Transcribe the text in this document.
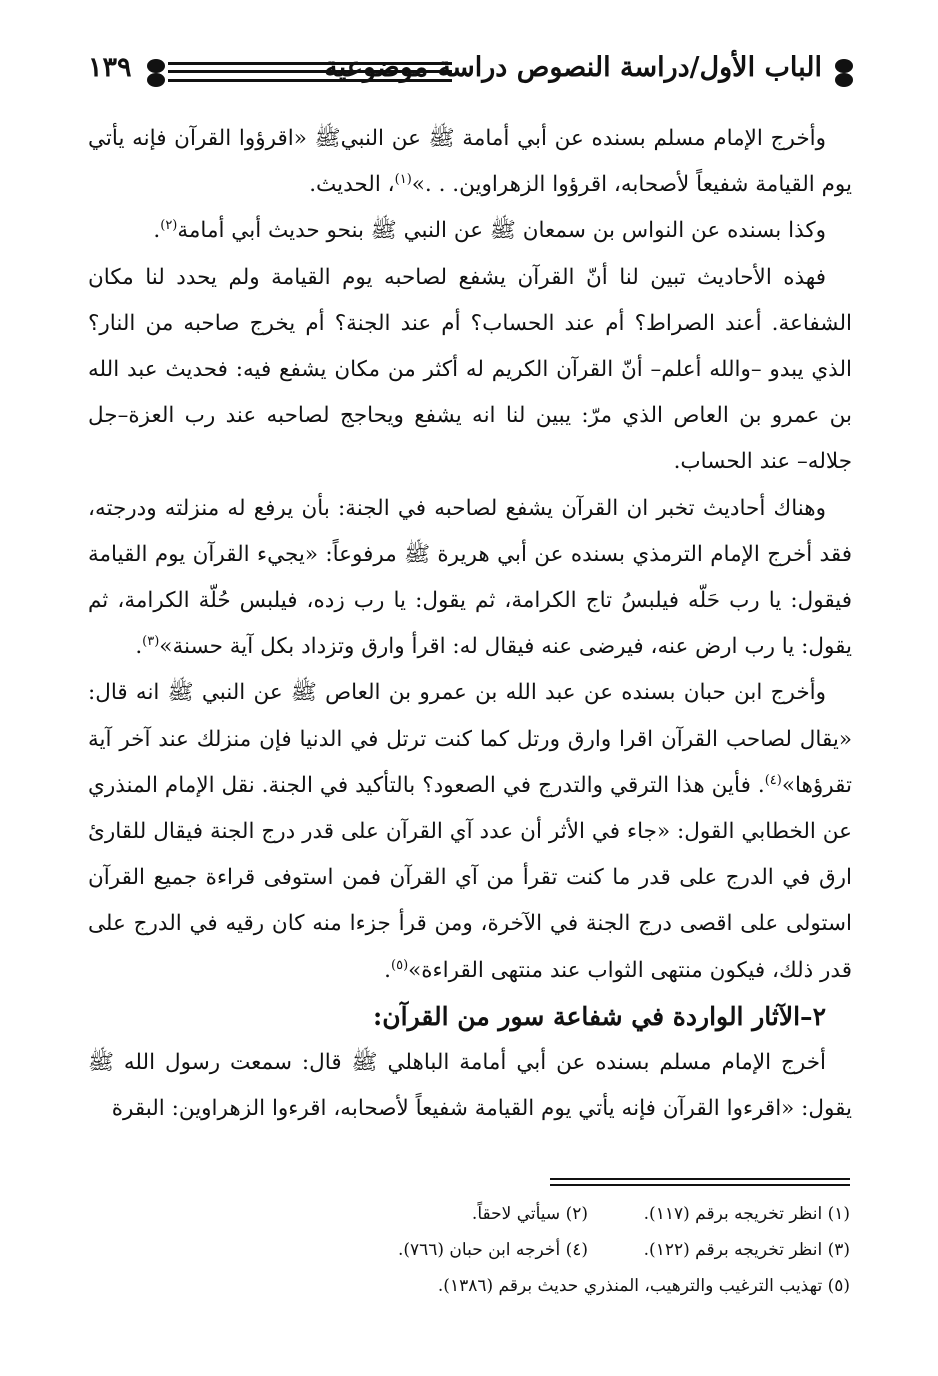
الباب الأول/دراسة النصوص دراسة موضوعية
١٣٩

وأخرج الإمام مسلم بسنده عن أبي أمامة ﷺ عن النبيﷺ «اقرؤوا القرآن فإنه يأتي يوم القيامة شفيعاً لأصحابه، اقرؤوا الزهراوين. . .»$^{(١)}$، الحديث.

وكذا بسنده عن النواس بن سمعان ﷺ عن النبي ﷺ بنحو حديث أبي أمامة$^{(٢)}$.

فهذه الأحاديث تبين لنا أنّ القرآن يشفع لصاحبه يوم القيامة ولم يحدد لنا مكان الشفاعة. أعند الصراط؟ أم عند الحساب؟ أم عند الجنة؟ أم يخرج صاحبه من النار؟ الذي يبدو –والله أعلم– أنّ القرآن الكريم له أكثر من مكان يشفع فيه: فحديث عبد الله بن عمرو بن العاص الذي مرّ: يبين لنا انه يشفع ويحاجج لصاحبه عند رب العزة–جل جلاله– عند الحساب.

وهناك أحاديث تخبر ان القرآن يشفع لصاحبه في الجنة: بأن يرفع له منزلته ودرجته، فقد أخرج الإمام الترمذي بسنده عن أبي هريرة ﷺ مرفوعاً: «يجيء القرآن يوم القيامة فيقول: يا رب حَلّه فيلبسُ تاج الكرامة، ثم يقول: يا رب زده، فيلبس حُلّة الكرامة، ثم يقول: يا رب ارض عنه، فيرضى عنه فيقال له: اقرأ وارق وتزداد بكل آية حسنة»$^{(٣)}$.

وأخرج ابن حبان بسنده عن عبد الله بن عمرو بن العاص ﷺ عن النبي ﷺ انه قال: «يقال لصاحب القرآن اقرا وارق ورتل كما كنت ترتل في الدنيا فإن منزلك عند آخر آية تقرؤها»$^{(٤)}$. فأين هذا الترقي والتدرج في الصعود؟ بالتأكيد في الجنة. نقل الإمام المنذري عن الخطابي القول: «جاء في الأثر أن عدد آي القرآن على قدر درج الجنة فيقال للقارئ ارق في الدرج على قدر ما كنت تقرأ من آي القرآن فمن استوفى قراءة جميع القرآن استولى على اقصى درج الجنة في الآخرة، ومن قرأ جزءا منه كان رقيه في الدرج على قدر ذلك، فيكون منتهى الثواب عند منتهى القراءة»$^{(٥)}$.

٢–الآثار الواردة في شفاعة سور من القرآن:

أخرج الإمام مسلم بسنده عن أبي أمامة الباهلي ﷺ قال: سمعت رسول الله ﷺ يقول: «اقرءوا القرآن فإنه يأتي يوم القيامة شفيعاً لأصحابه، اقرءوا الزهراوين: البقرة

(١) انظر تخريجه برقم (١١٧).
(٢) سيأتي لاحقاً.
(٣) انظر تخريجه برقم (١٢٢).
(٤) أخرجه ابن حبان (٧٦٦).
(٥) تهذيب الترغيب والترهيب، المنذري حديث برقم (١٣٨٦).
